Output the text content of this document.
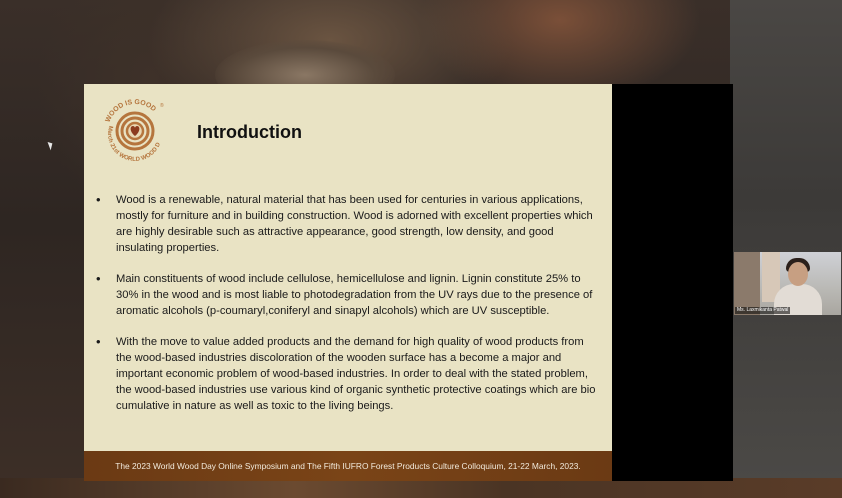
WOOD IS GOOD
March 21st WORLD WOOD D
®
Introduction
• Wood is a renewable, natural material that has been used for centuries in various applications, mostly for furniture and in building construction. Wood is adorned with excellent properties which are highly desirable such as attractive appearance, good strength, low density, and good insulating properties.
• Main constituents of wood include cellulose, hemicellulose and lignin. Lignin constitute 25% to 30% in the wood and is most liable to photodegradation from the UV rays due to the presence of aromatic alcohols (p-coumaryl,coniferyl and sinapyl alcohols) which are UV susceptible.
• With the move to value added products and the demand for high quality of wood products from the wood-based industries discoloration of the wooden surface has a become a major and important economic problem of wood-based industries. In order to deal with the stated problem, the wood-based industries use various kind of organic synthetic protective coatings which are bio cumulative in nature as well as toxic to the living beings.
The 2023 World Wood Day Online Symposium and The Fifth IUFRO Forest Products Culture Colloquium, 21-22 March, 2023.
Ms. Laxmikanta Patwal
